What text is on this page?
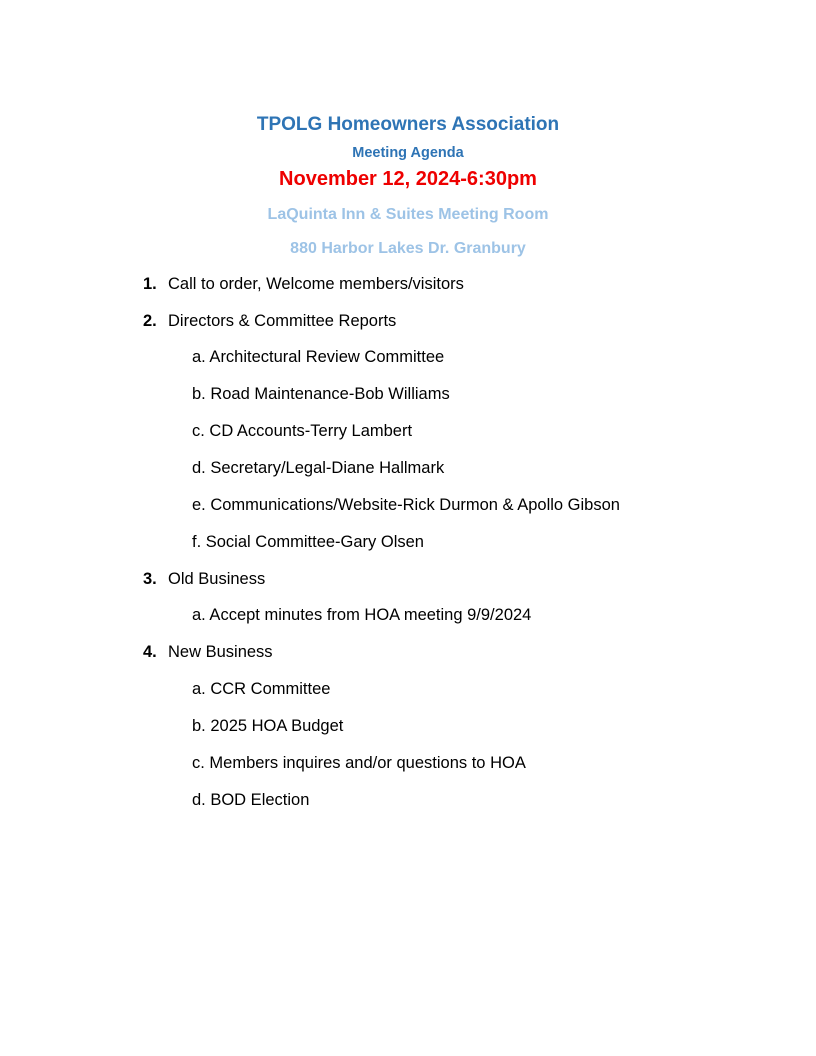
TPOLG Homeowners Association
Meeting Agenda
November 12, 2024-6:30pm
LaQuinta Inn & Suites Meeting Room
880 Harbor Lakes Dr. Granbury
1. Call to order, Welcome members/visitors
2. Directors & Committee Reports
a. Architectural Review Committee
b. Road Maintenance-Bob Williams
c. CD Accounts-Terry Lambert
d. Secretary/Legal-Diane Hallmark
e. Communications/Website-Rick Durmon & Apollo Gibson
f. Social Committee-Gary Olsen
3. Old Business
a. Accept minutes from HOA meeting 9/9/2024
4. New Business
a. CCR Committee
b. 2025 HOA Budget
c. Members inquires and/or questions to HOA
d. BOD Election
